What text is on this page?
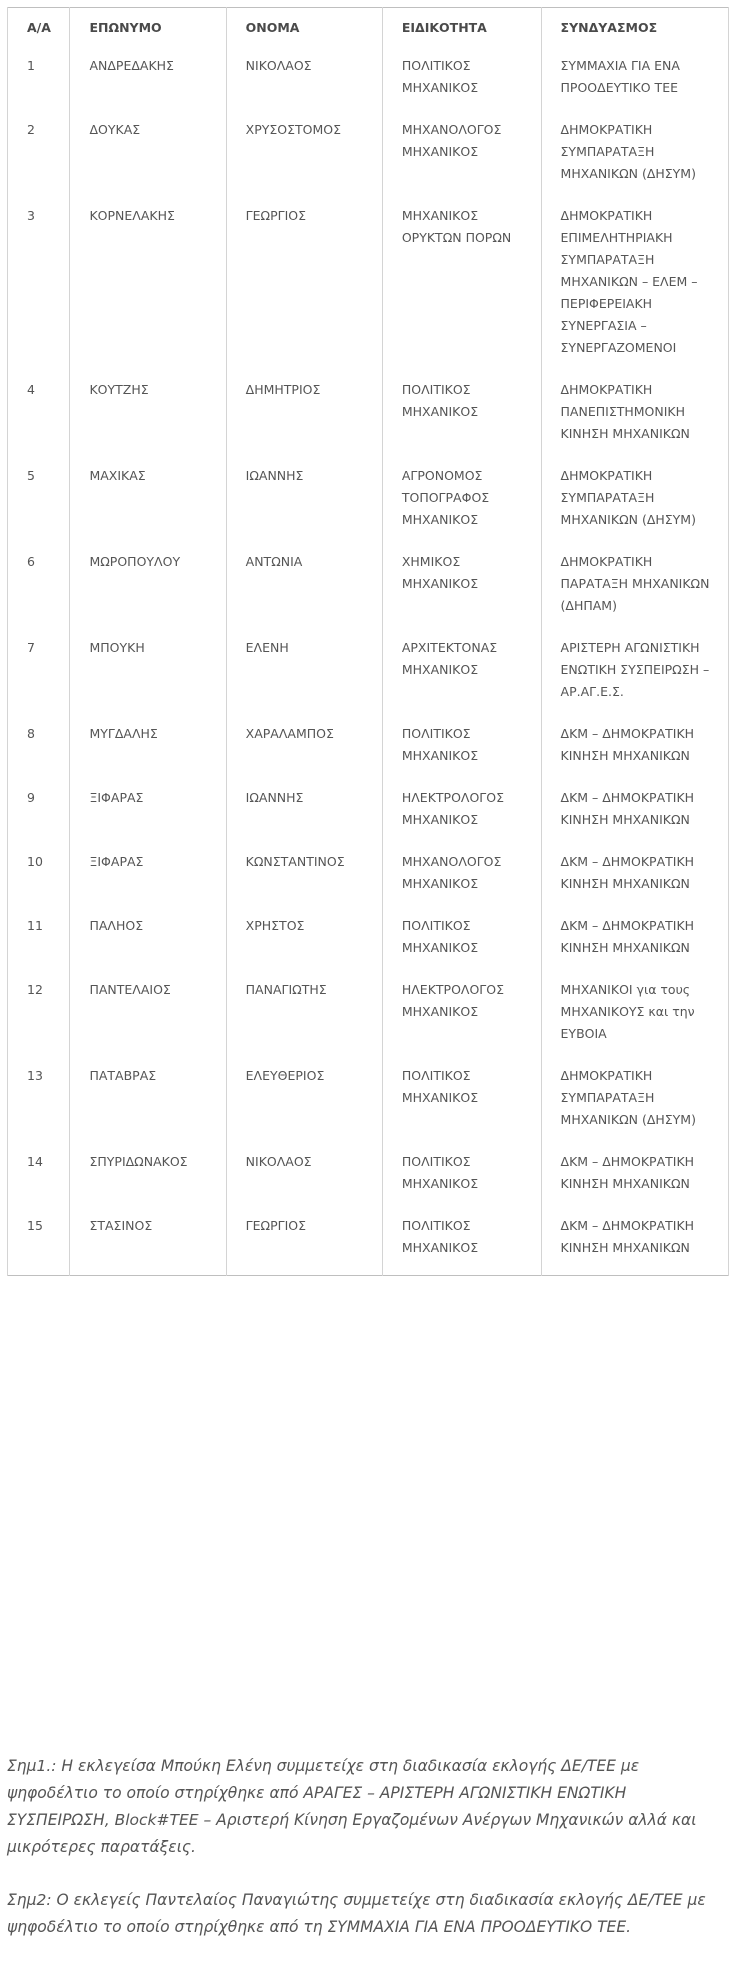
Α/Α	ΕΠΩΝΥΜΟ	ΟΝΟΜΑ	ΕΙΔΙΚΟΤΗΤΑ	ΣΥΝΔΥΑΣΜΟΣ
1	ΑΝΔΡΕΔΑΚΗΣ	ΝΙΚΟΛΑΟΣ	ΠΟΛΙΤΙΚΟΣ ΜΗΧΑΝΙΚΟΣ	ΣΥΜΜΑΧΙΑ ΓΙΑ ΕΝΑ ΠΡΟΟΔΕΥΤΙΚΟ ΤΕΕ
2	ΔΟΥΚΑΣ	ΧΡΥΣΟΣΤΟΜΟΣ	ΜΗΧΑΝΟΛΟΓΟΣ ΜΗΧΑΝΙΚΟΣ	ΔΗΜΟΚΡΑΤΙΚΗ ΣΥΜΠΑΡΑΤΑΞΗ ΜΗΧΑΝΙΚΩΝ (ΔΗΣΥΜ)
3	ΚΟΡΝΕΛΑΚΗΣ	ΓΕΩΡΓΙΟΣ	ΜΗΧΑΝΙΚΟΣ ΟΡΥΚΤΩΝ ΠΟΡΩΝ	ΔΗΜΟΚΡΑΤΙΚΗ ΕΠΙΜΕΛΗΤΗΡΙΑΚΗ ΣΥΜΠΑΡΑΤΑΞΗ ΜΗΧΑΝΙΚΩΝ – ΕΛΕΜ – ΠΕΡΙΦΕΡΕΙΑΚΗ ΣΥΝΕΡΓΑΣΙΑ – ΣΥΝΕΡΓΑΖΟΜΕΝΟΙ
4	ΚΟΥΤΖΗΣ	ΔΗΜΗΤΡΙΟΣ	ΠΟΛΙΤΙΚΟΣ ΜΗΧΑΝΙΚΟΣ	ΔΗΜΟΚΡΑΤΙΚΗ ΠΑΝΕΠΙΣΤΗΜΟΝΙΚΗ ΚΙΝΗΣΗ ΜΗΧΑΝΙΚΩΝ
5	ΜΑΧΙΚΑΣ	ΙΩΑΝΝΗΣ	ΑΓΡΟΝΟΜΟΣ ΤΟΠΟΓΡΑΦΟΣ ΜΗΧΑΝΙΚΟΣ	ΔΗΜΟΚΡΑΤΙΚΗ ΣΥΜΠΑΡΑΤΑΞΗ ΜΗΧΑΝΙΚΩΝ (ΔΗΣΥΜ)
6	ΜΩΡΟΠΟΥΛΟΥ	ΑΝΤΩΝΙΑ	ΧΗΜΙΚΟΣ ΜΗΧΑΝΙΚΟΣ	ΔΗΜΟΚΡΑΤΙΚΗ ΠΑΡΑΤΑΞΗ ΜΗΧΑΝΙΚΩΝ (ΔΗΠΑΜ)
7	ΜΠΟΥΚΗ	ΕΛΕΝΗ	ΑΡΧΙΤΕΚΤΟΝΑΣ ΜΗΧΑΝΙΚΟΣ	ΑΡΙΣΤΕΡΗ ΑΓΩΝΙΣΤΙΚΗ ΕΝΩΤΙΚΗ ΣΥΣΠΕΙΡΩΣΗ – ΑΡ.ΑΓ.Ε.Σ.
8	ΜΥΓΔΑΛΗΣ	ΧΑΡΑΛΑΜΠΟΣ	ΠΟΛΙΤΙΚΟΣ ΜΗΧΑΝΙΚΟΣ	ΔΚΜ – ΔΗΜΟΚΡΑΤΙΚΗ ΚΙΝΗΣΗ ΜΗΧΑΝΙΚΩΝ
9	ΞΙΦΑΡΑΣ	ΙΩΑΝΝΗΣ	ΗΛΕΚΤΡΟΛΟΓΟΣ ΜΗΧΑΝΙΚΟΣ	ΔΚΜ – ΔΗΜΟΚΡΑΤΙΚΗ ΚΙΝΗΣΗ ΜΗΧΑΝΙΚΩΝ
10	ΞΙΦΑΡΑΣ	ΚΩΝΣΤΑΝΤΙΝΟΣ	ΜΗΧΑΝΟΛΟΓΟΣ ΜΗΧΑΝΙΚΟΣ	ΔΚΜ – ΔΗΜΟΚΡΑΤΙΚΗ ΚΙΝΗΣΗ ΜΗΧΑΝΙΚΩΝ
11	ΠΑΛΗΟΣ	ΧΡΗΣΤΟΣ	ΠΟΛΙΤΙΚΟΣ ΜΗΧΑΝΙΚΟΣ	ΔΚΜ – ΔΗΜΟΚΡΑΤΙΚΗ ΚΙΝΗΣΗ ΜΗΧΑΝΙΚΩΝ
12	ΠΑΝΤΕΛΑΙΟΣ	ΠΑΝΑΓΙΩΤΗΣ	ΗΛΕΚΤΡΟΛΟΓΟΣ ΜΗΧΑΝΙΚΟΣ	ΜΗΧΑΝΙΚΟΙ για τους ΜΗΧΑΝΙΚΟΥΣ και την ΕΥΒΟΙΑ
13	ΠΑΤΑΒΡΑΣ	ΕΛΕΥΘΕΡΙΟΣ	ΠΟΛΙΤΙΚΟΣ ΜΗΧΑΝΙΚΟΣ	ΔΗΜΟΚΡΑΤΙΚΗ ΣΥΜΠΑΡΑΤΑΞΗ ΜΗΧΑΝΙΚΩΝ (ΔΗΣΥΜ)
14	ΣΠΥΡΙΔΩΝΑΚΟΣ	ΝΙΚΟΛΑΟΣ	ΠΟΛΙΤΙΚΟΣ ΜΗΧΑΝΙΚΟΣ	ΔΚΜ – ΔΗΜΟΚΡΑΤΙΚΗ ΚΙΝΗΣΗ ΜΗΧΑΝΙΚΩΝ
15	ΣΤΑΣΙΝΟΣ	ΓΕΩΡΓΙΟΣ	ΠΟΛΙΤΙΚΟΣ ΜΗΧΑΝΙΚΟΣ	ΔΚΜ – ΔΗΜΟΚΡΑΤΙΚΗ ΚΙΝΗΣΗ ΜΗΧΑΝΙΚΩΝ

Σημ1.: Η εκλεγείσα Μπούκη Ελένη συμμετείχε στη διαδικασία εκλογής ΔΕ/ΤΕΕ με ψηφοδέλτιο το οποίο στηρίχθηκε από ΑΡΑΓΕΣ – ΑΡΙΣΤΕΡΗ ΑΓΩΝΙΣΤΙΚΗ ΕΝΩΤΙΚΗ ΣΥΣΠΕΙΡΩΣΗ, Block#TEE – Αριστερή Κίνηση Εργαζομένων Ανέργων Μηχανικών αλλά και μικρότερες παρατάξεις.

Σημ2: Ο εκλεγείς Παντελαίος Παναγιώτης συμμετείχε στη διαδικασία εκλογής ΔΕ/ΤΕΕ με ψηφοδέλτιο το οποίο στηρίχθηκε από τη ΣΥΜΜΑΧΙΑ ΓΙΑ ΕΝΑ ΠΡΟΟΔΕΥΤΙΚΟ ΤΕΕ.
